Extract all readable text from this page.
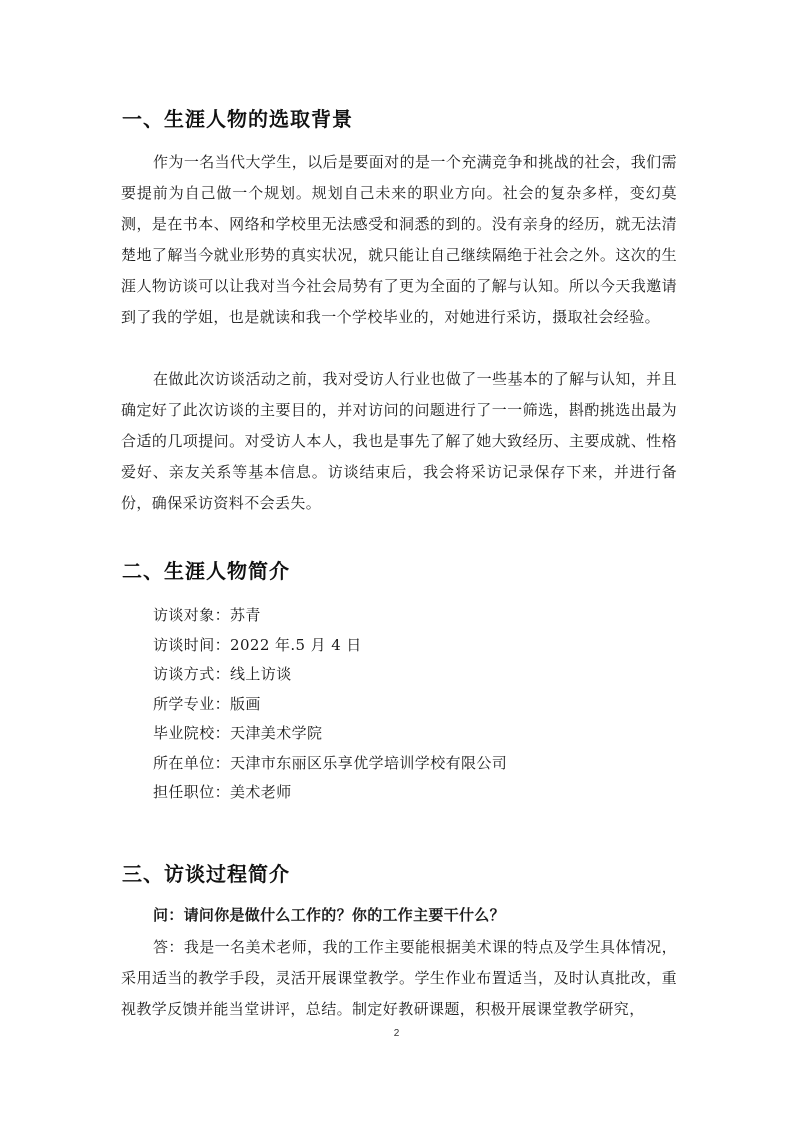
一、生涯人物的选取背景

作为一名当代大学生，以后是要面对的是一个充满竞争和挑战的社会，我们需要提前为自己做一个规划。规划自己未来的职业方向。社会的复杂多样，变幻莫测，是在书本、网络和学校里无法感受和洞悉的到的。没有亲身的经历，就无法清楚地了解当今就业形势的真实状况，就只能让自己继续隔绝于社会之外。这次的生涯人物访谈可以让我对当今社会局势有了更为全面的了解与认知。所以今天我邀请到了我的学姐，也是就读和我一个学校毕业的，对她进行采访，摄取社会经验。

在做此次访谈活动之前，我对受访人行业也做了一些基本的了解与认知，并且确定好了此次访谈的主要目的，并对访问的问题进行了一一筛选，斟酌挑选出最为合适的几项提问。对受访人本人，我也是事先了解了她大致经历、主要成就、性格爱好、亲友关系等基本信息。访谈结束后，我会将采访记录保存下来，并进行备份，确保采访资料不会丢失。

二、生涯人物简介
访谈对象：苏青
访谈时间：2022 年.5 月 4 日
访谈方式：线上访谈
所学专业：版画
毕业院校：天津美术学院
所在单位：天津市东丽区乐享优学培训学校有限公司
担任职位：美术老师
三、访谈过程简介

问：请问你是做什么工作的？你的工作主要干什么？

答：我是一名美术老师，我的工作主要能根据美术课的特点及学生具体情况，采用适当的教学手段，灵活开展课堂教学。学生作业布置适当，及时认真批改，重视教学反馈并能当堂讲评，总结。制定好教研课题，积极开展课堂教学研究，

2
